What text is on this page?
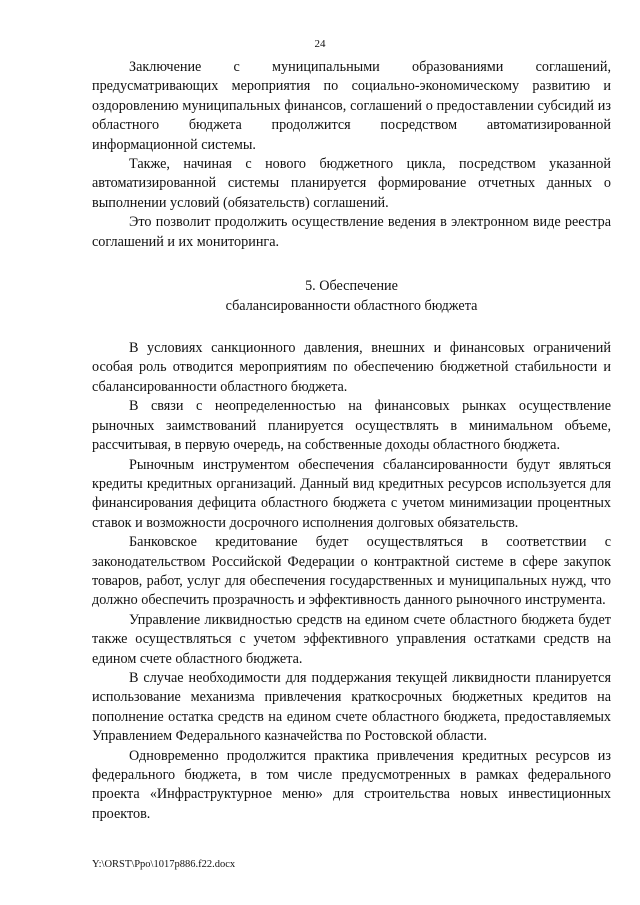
24

Заключение с муниципальными образованиями соглашений, предусматривающих мероприятия по социально-экономическому развитию и оздоровлению муниципальных финансов, соглашений о предоставлении субсидий из областного бюджета продолжится посредством автоматизированной информационной системы.

Также, начиная с нового бюджетного цикла, посредством указанной автоматизированной системы планируется формирование отчетных данных о выполнении условий (обязательств) соглашений.

Это позволит продолжить осуществление ведения в электронном виде реестра соглашений и их мониторинга.

5. Обеспечение
сбалансированности областного бюджета

В условиях санкционного давления, внешних и финансовых ограничений особая роль отводится мероприятиям по обеспечению бюджетной стабильности и сбалансированности областного бюджета.

В связи с неопределенностью на финансовых рынках осуществление рыночных заимствований планируется осуществлять в минимальном объеме, рассчитывая, в первую очередь, на собственные доходы областного бюджета.

Рыночным инструментом обеспечения сбалансированности будут являться кредиты кредитных организаций. Данный вид кредитных ресурсов используется для финансирования дефицита областного бюджета с учетом минимизации процентных ставок и возможности досрочного исполнения долговых обязательств.

Банковское кредитование будет осуществляться в соответствии с законодательством Российской Федерации о контрактной системе в сфере закупок товаров, работ, услуг для обеспечения государственных и муниципальных нужд, что должно обеспечить прозрачность и эффективность данного рыночного инструмента.

Управление ликвидностью средств на едином счете областного бюджета будет также осуществляться с учетом эффективного управления остатками средств на едином счете областного бюджета.

В случае необходимости для поддержания текущей ликвидности планируется использование механизма привлечения краткосрочных бюджетных кредитов на пополнение остатка средств на едином счете областного бюджета, предоставляемых Управлением Федерального казначейства по Ростовской области.

Одновременно продолжится практика привлечения кредитных ресурсов из федерального бюджета, в том числе предусмотренных в рамках федерального проекта «Инфраструктурное меню» для строительства новых инвестиционных проектов.

Y:\ORST\Ppo\1017p886.f22.docx
